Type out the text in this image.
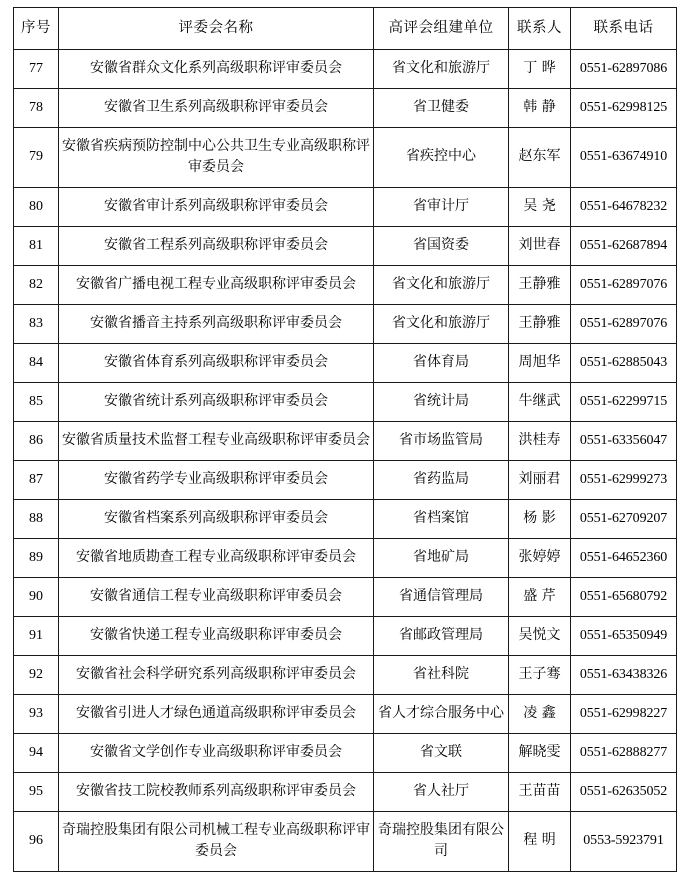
序号	评委会名称	高评会组建单位	联系人	联系电话
77	安徽省群众文化系列高级职称评审委员会	省文化和旅游厅	丁晔	0551-62897086
78	安徽省卫生系列高级职称评审委员会	省卫健委	韩静	0551-62998125
79	安徽省疾病预防控制中心公共卫生专业高级职称评审委员会	省疾控中心	赵东军	0551-63674910
80	安徽省审计系列高级职称评审委员会	省审计厅	吴尧	0551-64678232
81	安徽省工程系列高级职称评审委员会	省国资委	刘世春	0551-62687894
82	安徽省广播电视工程专业高级职称评审委员会	省文化和旅游厅	王静雅	0551-62897076
83	安徽省播音主持系列高级职称评审委员会	省文化和旅游厅	王静雅	0551-62897076
84	安徽省体育系列高级职称评审委员会	省体育局	周旭华	0551-62885043
85	安徽省统计系列高级职称评审委员会	省统计局	牛继武	0551-62299715
86	安徽省质量技术监督工程专业高级职称评审委员会	省市场监管局	洪桂寿	0551-63356047
87	安徽省药学专业高级职称评审委员会	省药监局	刘丽君	0551-62999273
88	安徽省档案系列高级职称评审委员会	省档案馆	杨影	0551-62709207
89	安徽省地质勘查工程专业高级职称评审委员会	省地矿局	张婷婷	0551-64652360
90	安徽省通信工程专业高级职称评审委员会	省通信管理局	盛芹	0551-65680792
91	安徽省快递工程专业高级职称评审委员会	省邮政管理局	吴悦文	0551-65350949
92	安徽省社会科学研究系列高级职称评审委员会	省社科院	王子骞	0551-63438326
93	安徽省引进人才绿色通道高级职称评审委员会	省人才综合服务中心	凌鑫	0551-62998227
94	安徽省文学创作专业高级职称评审委员会	省文联	解晓雯	0551-62888277
95	安徽省技工院校教师系列高级职称评审委员会	省人社厅	王苗苗	0551-62635052
96	奇瑞控股集团有限公司机械工程专业高级职称评审委员会	奇瑞控股集团有限公司	程明	0553-5923791
